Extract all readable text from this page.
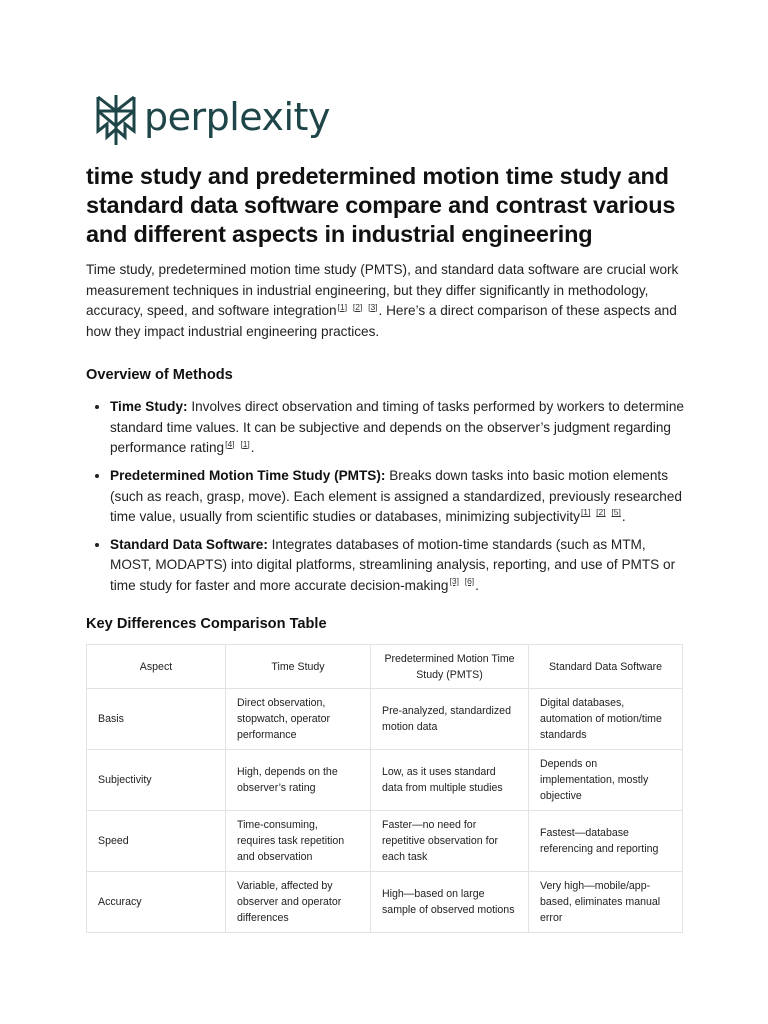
perplexity
time study and predetermined motion time study and standard data software compare and contrast various and different aspects in industrial engineering

Time study, predetermined motion time study (PMTS), and standard data software are crucial work measurement techniques in industrial engineering, but they differ significantly in methodology, accuracy, speed, and software integration[1] [2] [3]. Here’s a direct comparison of these aspects and how they impact industrial engineering practices.

Overview of Methods
• Time Study: Involves direct observation and timing of tasks performed by workers to determine standard time values. It can be subjective and depends on the observer’s judgment regarding performance rating[4] [1].
• Predetermined Motion Time Study (PMTS): Breaks down tasks into basic motion elements (such as reach, grasp, move). Each element is assigned a standardized, previously researched time value, usually from scientific studies or databases, minimizing subjectivity[1] [2] [5].
• Standard Data Software: Integrates databases of motion-time standards (such as MTM, MOST, MODAPTS) into digital platforms, streamlining analysis, reporting, and use of PMTS or time study for faster and more accurate decision-making[3] [6].
Key Differences Comparison Table
Aspect	Time Study	Predetermined Motion Time Study (PMTS)	Standard Data Software
Basis	Direct observation, stopwatch, operator performance	Pre-analyzed, standardized motion data	Digital databases, automation of motion/time standards
Subjectivity	High, depends on the observer’s rating	Low, as it uses standard data from multiple studies	Depends on implementation, mostly objective
Speed	Time-consuming, requires task repetition and observation	Faster—no need for repetitive observation for each task	Fastest—database referencing and reporting
Accuracy	Variable, affected by observer and operator differences	High—based on large sample of observed motions	Very high—mobile/app-based, eliminates manual error
